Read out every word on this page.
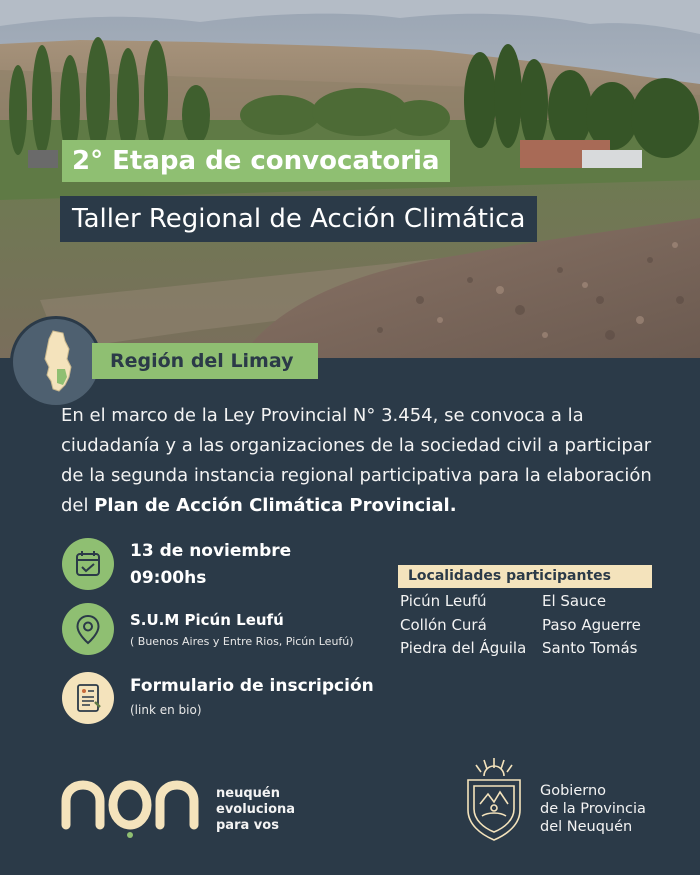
2° Etapa de convocatoria
Taller Regional de Acción Climática
Región del Limay

En el marco de la Ley Provincial N° 3.454, se convoca a la ciudadanía y a las organizaciones de la sociedad civil a participar de la segunda instancia regional participativa para la elaboración del Plan de Acción Climática Provincial.

13 de noviembre
09:00hs
S.U.M Picún Leufú
( Buenos Aires y Entre Rios, Picún Leufú)
Formulario de inscripción
(link en bio)
Localidades participantes
Picún Leufú	El Sauce
Collón Curá	Paso Aguerre
Piedra del Águila	Santo Tomás
neuquén
evoluciona
para vos
Gobierno
de la Provincia
del Neuquén
